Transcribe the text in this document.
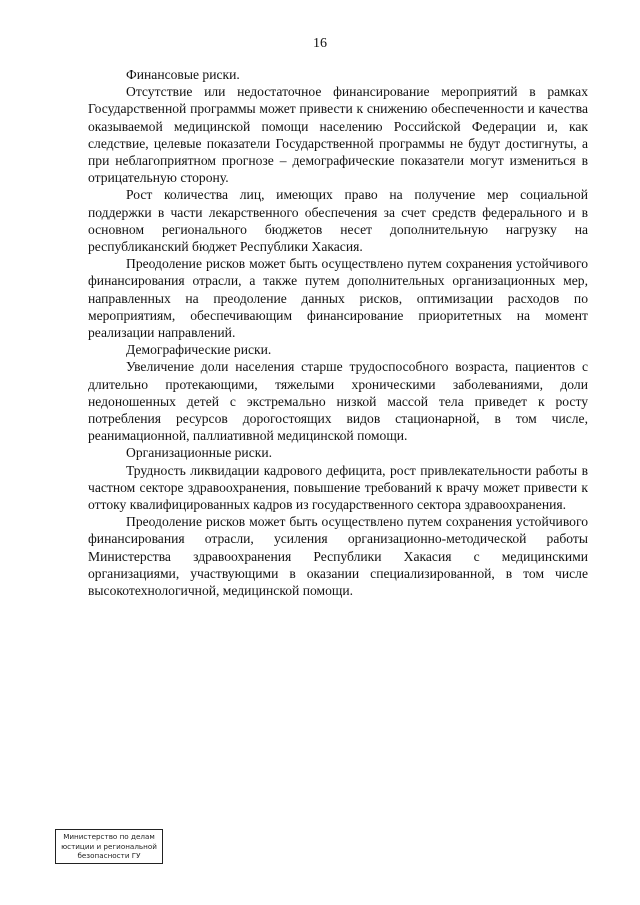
16

Финансовые риски.

Отсутствие или недостаточное финансирование мероприятий в рамках Государственной программы может привести к снижению обеспеченности и качества оказываемой медицинской помощи населению Российской Федерации и, как следствие, целевые показатели Государственной программы не будут достигнуты, а при неблагоприятном прогнозе – демографические показатели могут измениться в отрицательную сторону.

Рост количества лиц, имеющих право на получение мер социальной поддержки в части лекарственного обеспечения за счет средств федерального и в основном регионального бюджетов несет дополнительную нагрузку на республиканский бюджет Республики Хакасия.

Преодоление рисков может быть осуществлено путем сохранения устойчивого финансирования отрасли, а также путем дополнительных организационных мер, направленных на преодоление данных рисков, оптимизации расходов по мероприятиям, обеспечивающим финансирование приоритетных на момент реализации направлений.

Демографические риски.

Увеличение доли населения старше трудоспособного возраста, пациентов с длительно протекающими, тяжелыми хроническими заболеваниями, доли недоношенных детей с экстремально низкой массой тела приведет к росту потребления ресурсов дорогостоящих видов стационарной, в том числе, реанимационной, паллиативной медицинской помощи.

Организационные риски.

Трудность ликвидации кадрового дефицита, рост привлекательности работы в частном секторе здравоохранения, повышение требований к врачу может привести к оттоку квалифицированных кадров из государственного сектора здравоохранения.

Преодоление рисков может быть осуществлено путем сохранения устойчивого финансирования отрасли, усиления организационно-методической работы Министерства здравоохранения Республики Хакасия с медицинскими организациями, участвующими в оказании специализированной, в том числе высокотехнологичной, медицинской помощи.

Министерство по делам
юстиции и региональной
безопасности ГУ
